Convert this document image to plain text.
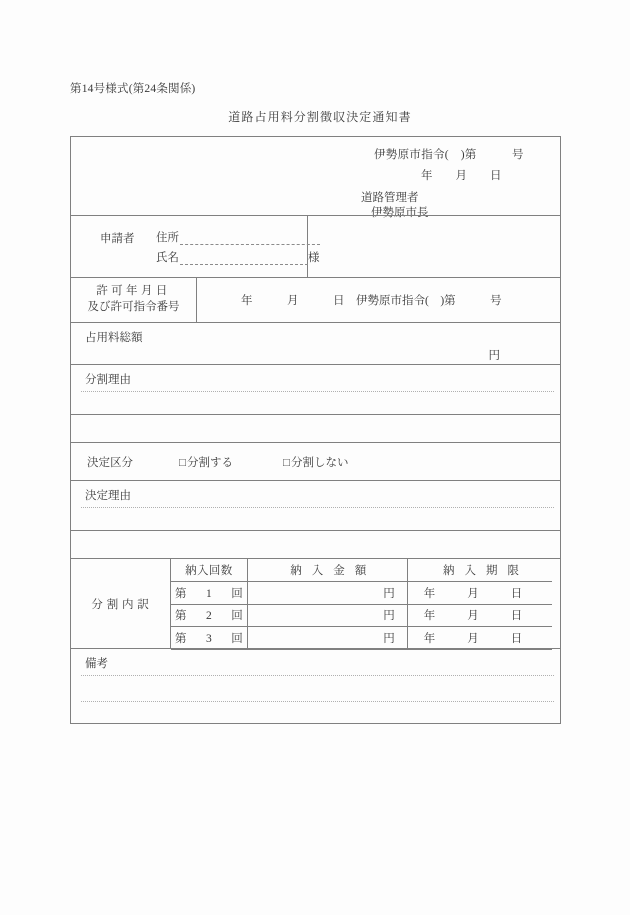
第14号様式(第24条関係)
道路占用料分割徴収決定通知書
伊勢原市指令(　)第　　　号
年　　月　　日
道路管理者
伊勢原市長
申請者 住所
氏名	様
許可年月日
及び許可指令番号	年　　　月　　　日　伊勢原市指令(　)第　　　号
占用料総額
円
分割理由
決定区分	□分割する	□分割しない
決定理由
分割内訳
納入回数	納入金額	納入期限

第　1　回	円	年 月 日

第　2　回	円	年 月 日

第　3　回	円	年 月 日
備考
